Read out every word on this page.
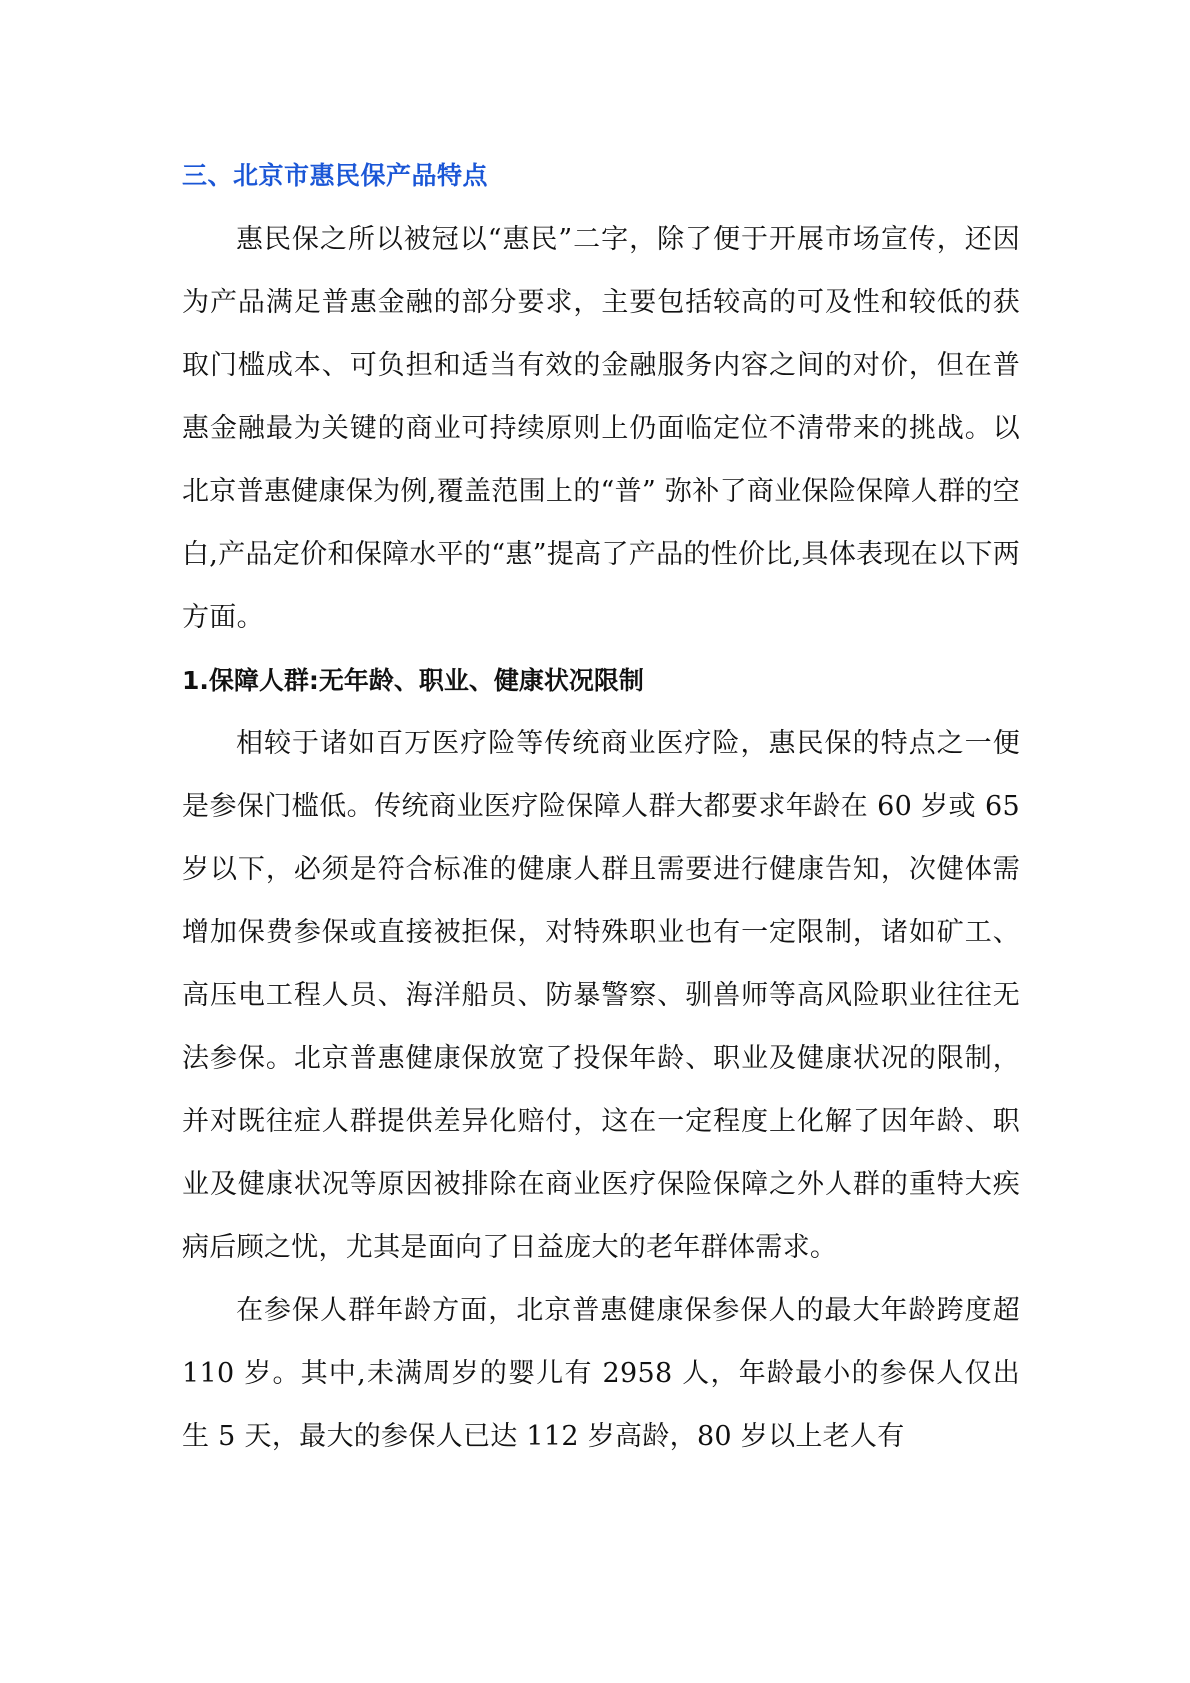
三、北京市惠民保产品特点

惠民保之所以被冠以“惠民”二字，除了便于开展市场宣传，还因为产品满足普惠金融的部分要求，主要包括较高的可及性和较低的获取门槛成本、可负担和适当有效的金融服务内容之间的对价，但在普惠金融最为关键的商业可持续原则上仍面临定位不清带来的挑战。以北京普惠健康保为例,覆盖范围上的“普” 弥补了商业保险保障人群的空白,产品定价和保障水平的“惠”提高了产品的性价比,具体表现在以下两方面。

1.保障人群:无年龄、职业、健康状况限制

相较于诸如百万医疗险等传统商业医疗险，惠民保的特点之一便是参保门槛低。传统商业医疗险保障人群大都要求年龄在 60 岁或 65 岁以下，必须是符合标准的健康人群且需要进行健康告知，次健体需增加保费参保或直接被拒保，对特殊职业也有一定限制，诸如矿工、 高压电工程人员、海洋船员、防暴警察、驯兽师等高风险职业往往无法参保。北京普惠健康保放宽了投保年龄、职业及健康状况的限制，并对既往症人群提供差异化赔付，这在一定程度上化解了因年龄、职业及健康状况等原因被排除在商业医疗保险保障之外人群的重特大疾病后顾之忧，尤其是面向了日益庞大的老年群体需求。

在参保人群年龄方面，北京普惠健康保参保人的最大年龄跨度超 110 岁。其中,未满周岁的婴儿有 2958 人，年龄最小的参保人仅出生 5 天，最大的参保人已达 112 岁高龄，80 岁以上老人有
